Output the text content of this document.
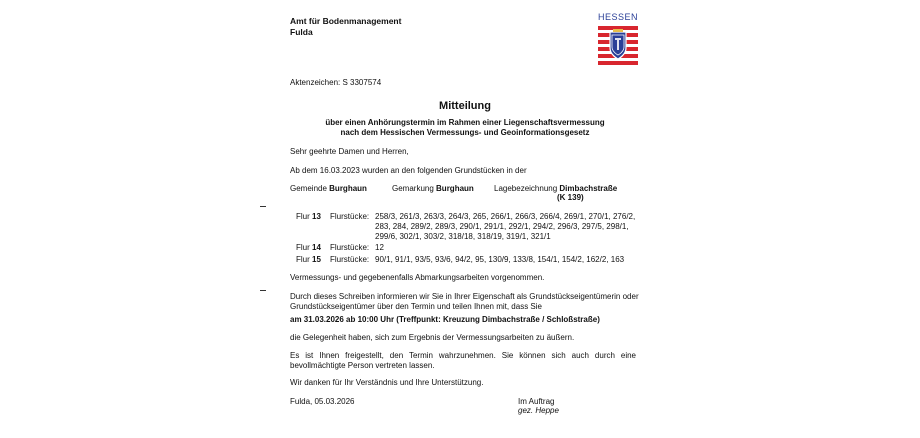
Amt für Bodenmanagement
Fulda
HESSEN
Aktenzeichen: S 3307574
Mitteilung
über einen Anhörungstermin im Rahmen einer Liegenschaftsvermessung
nach dem Hessischen Vermessungs- und Geoinformationsgesetz
Sehr geehrte Damen und Herren,
Ab dem 16.03.2023 wurden an den folgenden Grundstücken in der
Gemeinde Burghaun	Gemarkung Burghaun	Lagebezeichnung Dimbachstraße
(K 139)
Flur 13 Flurstücke: 258/3, 261/3, 263/3, 264/3, 265, 266/1, 266/3, 266/4, 269/1, 270/1, 276/2,
283, 284, 289/2, 289/3, 290/1, 291/1, 292/1, 294/2, 296/3, 297/5, 298/1,
299/6, 302/1, 303/2, 318/18, 318/19, 319/1, 321/1
Flur 14 Flurstücke: 12
Flur 15 Flurstücke: 90/1, 91/1, 93/5, 93/6, 94/2, 95, 130/9, 133/8, 154/1, 154/2, 162/2, 163
Vermessungs- und gegebenenfalls Abmarkungsarbeiten vorgenommen.
Durch dieses Schreiben informieren wir Sie in Ihrer Eigenschaft als Grundstückseigentümerin oder
Grundstückseigentümer über den Termin und teilen Ihnen mit, dass Sie
am 31.03.2026 ab 10:00 Uhr (Treffpunkt: Kreuzung Dimbachstraße / Schloßstraße)
die Gelegenheit haben, sich zum Ergebnis der Vermessungsarbeiten zu äußern.
Es ist Ihnen freigestellt, den Termin wahrzunehmen. Sie können sich auch durch eine
bevollmächtigte Person vertreten lassen.
Wir danken für Ihr Verständnis und Ihre Unterstützung.
Fulda, 05.03.2026	Im Auftrag
gez. Heppe
